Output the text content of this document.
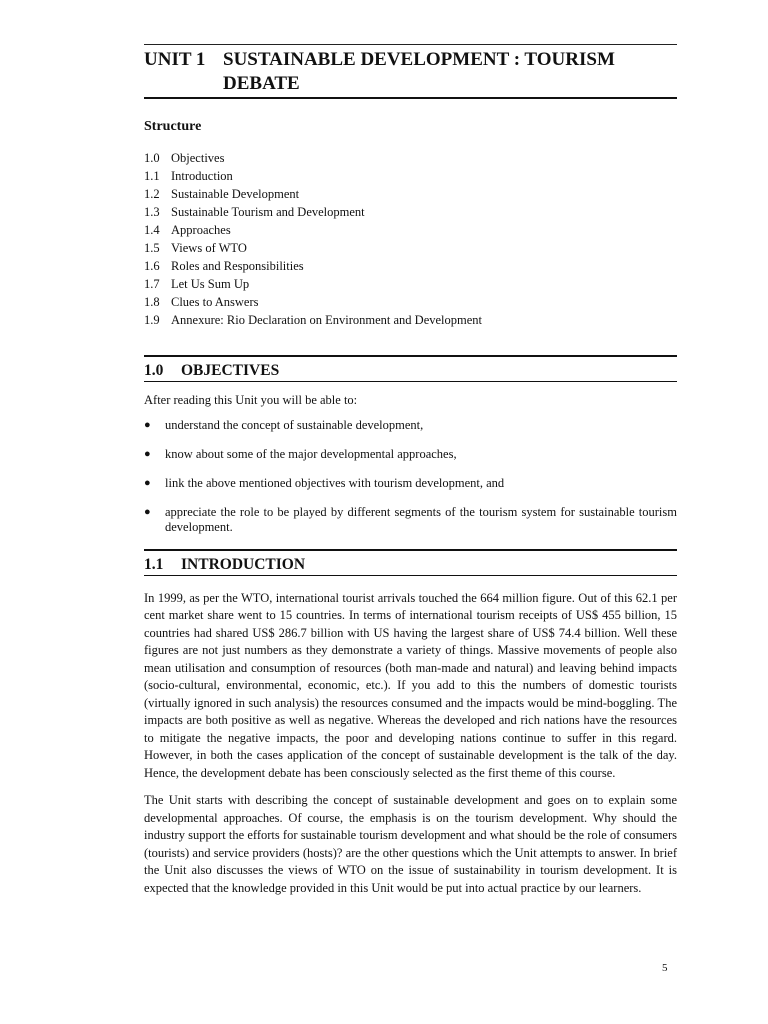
UNIT 1 SUSTAINABLE DEVELOPMENT : TOURISM
DEBATE
Structure
1.0 Objectives
1.1 Introduction
1.2 Sustainable Development
1.3 Sustainable Tourism and Development
1.4 Approaches
1.5 Views of WTO
1.6 Roles and Responsibilities
1.7 Let Us Sum Up
1.8 Clues to Answers
1.9 Annexure: Rio Declaration on Environment and Development
1.0	OBJECTIVES

After reading this Unit you will be able to:

●	understand the concept of sustainable development,
●	know about some of the major developmental approaches,
●	link the above mentioned objectives with tourism development, and
●	appreciate the role to be played by different segments of the tourism system for sustainable tourism development.
1.1	INTRODUCTION

In 1999, as per the WTO, international tourist arrivals touched the 664 million figure. Out of this 62.1 per cent market share went to 15 countries. In terms of international tourism receipts of US$ 455 billion, 15 countries had shared US$ 286.7 billion with US having the largest share of US$ 74.4 billion. Well these figures are not just numbers as they demonstrate a variety of things. Massive movements of people also mean utilisation and consumption of resources (both man-made and natural) and leaving behind impacts (socio-cultural, environmental, economic, etc.). If you add to this the numbers of domestic tourists (virtually ignored in such analysis) the resources consumed and the impacts would be mind-boggling. The impacts are both positive as well as negative. Whereas the developed and rich nations have the resources to mitigate the negative impacts, the poor and developing nations continue to suffer in this regard. However, in both the cases application of the concept of sustainable development is the talk of the day. Hence, the development debate has been consciously selected as the first theme of this course.

The Unit starts with describing the concept of sustainable development and goes on to explain some developmental approaches. Of course, the emphasis is on the tourism development. Why should the industry support the efforts for sustainable tourism development and what should be the role of consumers (tourists) and service providers (hosts)? are the other questions which the Unit attempts to answer. In brief the Unit also discusses the views of WTO on the issue of sustainability in tourism development. It is expected that the knowledge provided in this Unit would be put into actual practice by our learners.

5
